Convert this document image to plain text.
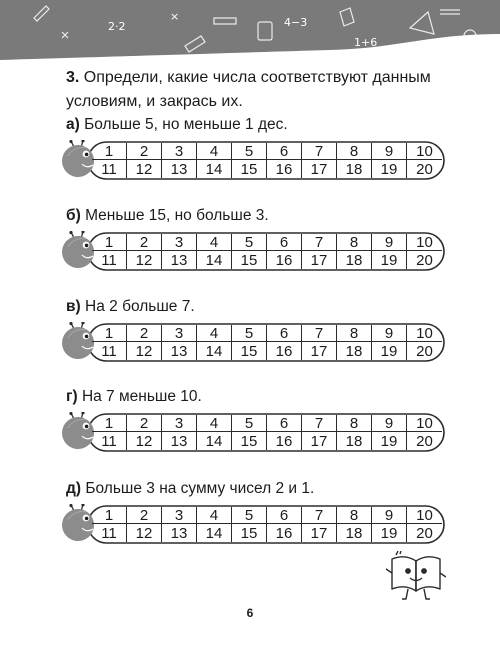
2·2
×	4−3
1+6
3. Определи, какие числа соответствуют данным условиям, и закрась их.
а) Больше 5, но меньше 1 дес.
б) Меньше 15, но больше 3.
в) На 2 больше 7.
г) На 7 меньше 10.
д) Больше 3 на сумму чисел 2 и 1.
1	2	3	4	5	6	7	8	9	10
11	12	13	14	15	16	17	18	19	20
1	2	3	4	5	6	7	8	9	10
11	12	13	14	15	16	17	18	19	20
1	2	3	4	5	6	7	8	9	10
11	12	13	14	15	16	17	18	19	20
1	2	3	4	5	6	7	8	9	10
11	12	13	14	15	16	17	18	19	20
1	2	3	4	5	6	7	8	9	10
11	12	13	14	15	16	17	18	19	20
6
